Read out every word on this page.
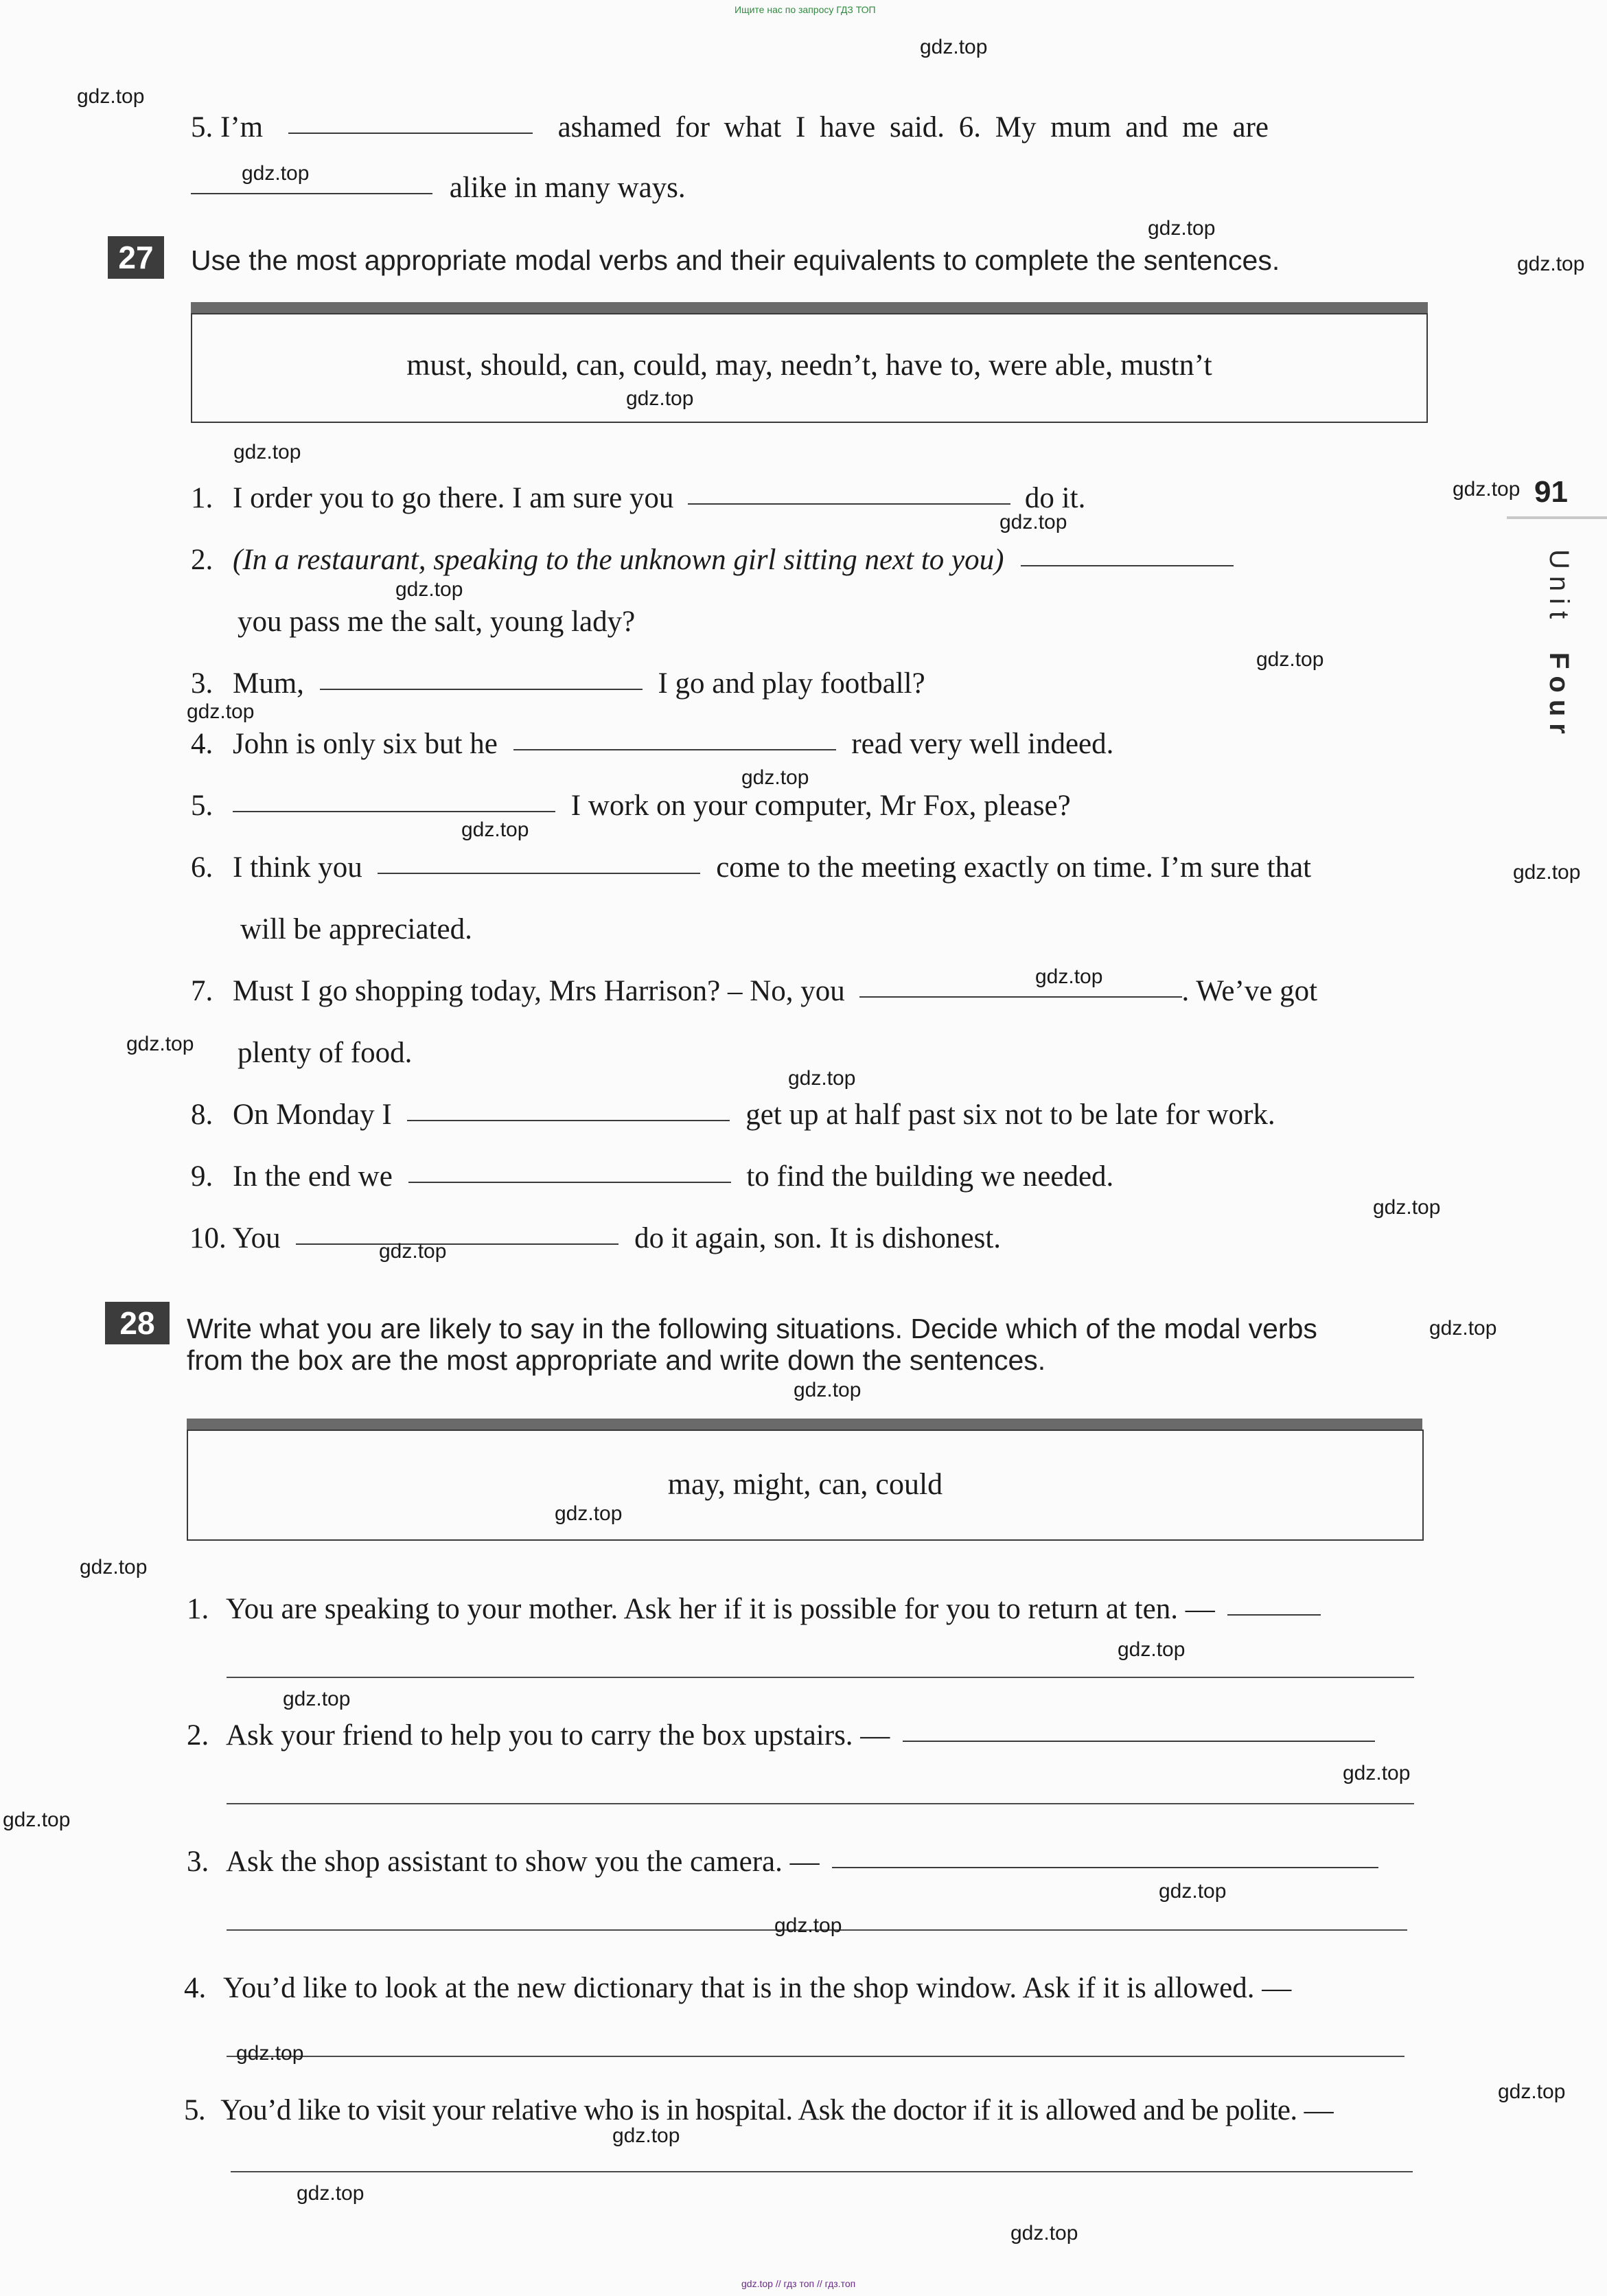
Ищите нас по запросу ГДЗ ТОП
gdz.top // гдз топ // гдз.топ
91
Unit
Four
5. I’m	ashamed for what I have said. 6. My mum and me are
alike in many ways.
27	Use the most appropriate modal verbs and their equivalents to complete the sentences.
must, should, can, could, may, needn’t, have to, were able, mustn’t
1. I order you to go there. I am sure you	do it.
2. (In a restaurant, speaking to the unknown girl sitting next to you)
you pass me the salt, young lady?
3. Mum,	I go and play football?
4. John is only six but he	read very well indeed.
5.	I work on your computer, Mr Fox, please?
6. I think you	come to the meeting exactly on time. I’m sure that
will be appreciated.
7. Must I go shopping today, Mrs Harrison? – No, you	. We’ve got
plenty of food.
8. On Monday I	get up at half past six not to be late for work.
9. In the end we	to find the building we needed.
10. You	do it again, son. It is dishonest.
28	Write what you are likely to say in the following situations. Decide which of the modal verbs
from the box are the most appropriate and write down the sentences.
may, might, can, could
1. You are speaking to your mother. Ask her if it is possible for you to return at ten. —
2. Ask your friend to help you to carry the box upstairs. —
3. Ask the shop assistant to show you the camera. —
4. You’d like to look at the new dictionary that is in the shop window. Ask if it is allowed. —
5. You’d like to visit your relative who is in hospital. Ask the doctor if it is allowed and be polite. —
gdz.top
gdz.top
gdz.top
gdz.top
gdz.top
gdz.top
gdz.top
gdz.top
gdz.top
gdz.top
gdz.top
gdz.top
gdz.top
gdz.top
gdz.top
gdz.top
gdz.top
gdz.top
gdz.top
gdz.top
gdz.top
gdz.top
gdz.top
gdz.top
gdz.top
gdz.top
gdz.top
gdz.top
gdz.top
gdz.top
gdz.top
gdz.top
gdz.top
gdz.top
gdz.top
